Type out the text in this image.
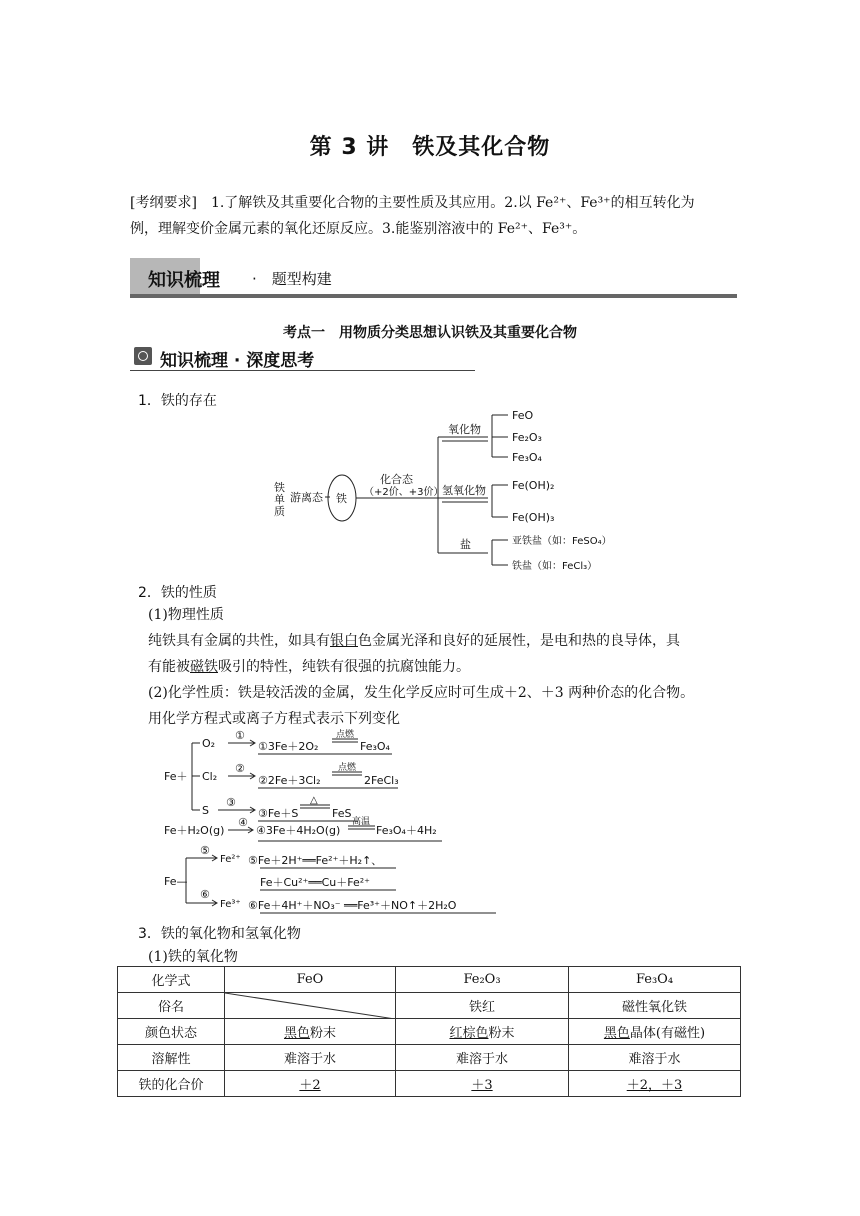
第 3 讲　铁及其化合物
[考纲要求]　 1.了解铁及其重要化合物的主要性质及其应用。2.以 Fe²⁺、Fe³⁺的相互转化为
例，理解变价金属元素的氧化还原反应。3.能鉴别溶液中的 Fe²⁺、Fe³⁺。
知识梳理 ·　 题型构建
考点一　用物质分类思想认识铁及其重要化合物
知识梳理 · 深度思考
1．铁的存在
铁
单
质
游离态 铁
化合态
（+2价、+3价）
氧化物
氢氧化物
盐
FeO
Fe₂O₃
Fe₃O₄
Fe(OH)₂
Fe(OH)₃
亚铁盐（如：FeSO₄）
铁盐（如：FeCl₃）
2．铁的性质
(1)物理性质
纯铁具有金属的共性，如具有银白色金属光泽和良好的延展性，是电和热的良导体，具
有能被磁铁吸引的特性，纯铁有很强的抗腐蚀能力。
(2)化学性质：铁是较活泼的金属，发生化学反应时可生成＋2、＋3 两种价态的化合物。
用化学方程式或离子方程式表示下列变化
Fe＋
O₂
Cl₂
S
①
②
③
①3Fe＋2O₂
点燃
Fe₃O₄
②2Fe＋3Cl₂
点燃
2FeCl₃
③Fe＋S
△
FeS
Fe＋H₂O(g)
④
④3Fe＋4H₂O(g)
高温
Fe₃O₄＋4H₂
Fe—
⑤
⑥
Fe²⁺
Fe³⁺
⑤Fe＋2H⁺══Fe²⁺＋H₂↑、
Fe＋Cu²⁺══Cu＋Fe²⁺
⑥Fe＋4H⁺＋NO₃⁻ ══Fe³⁺＋NO↑＋2H₂O
3．铁的氧化物和氢氧化物
(1)铁的氧化物
化学式	FeO	Fe₂O₃	Fe₃O₄
俗名		铁红	磁性氧化铁
颜色状态	黑色粉末	红棕色粉末	黑色晶体(有磁性)
溶解性	难溶于水	难溶于水	难溶于水
铁的化合价	＋2	＋3	＋2，＋3
